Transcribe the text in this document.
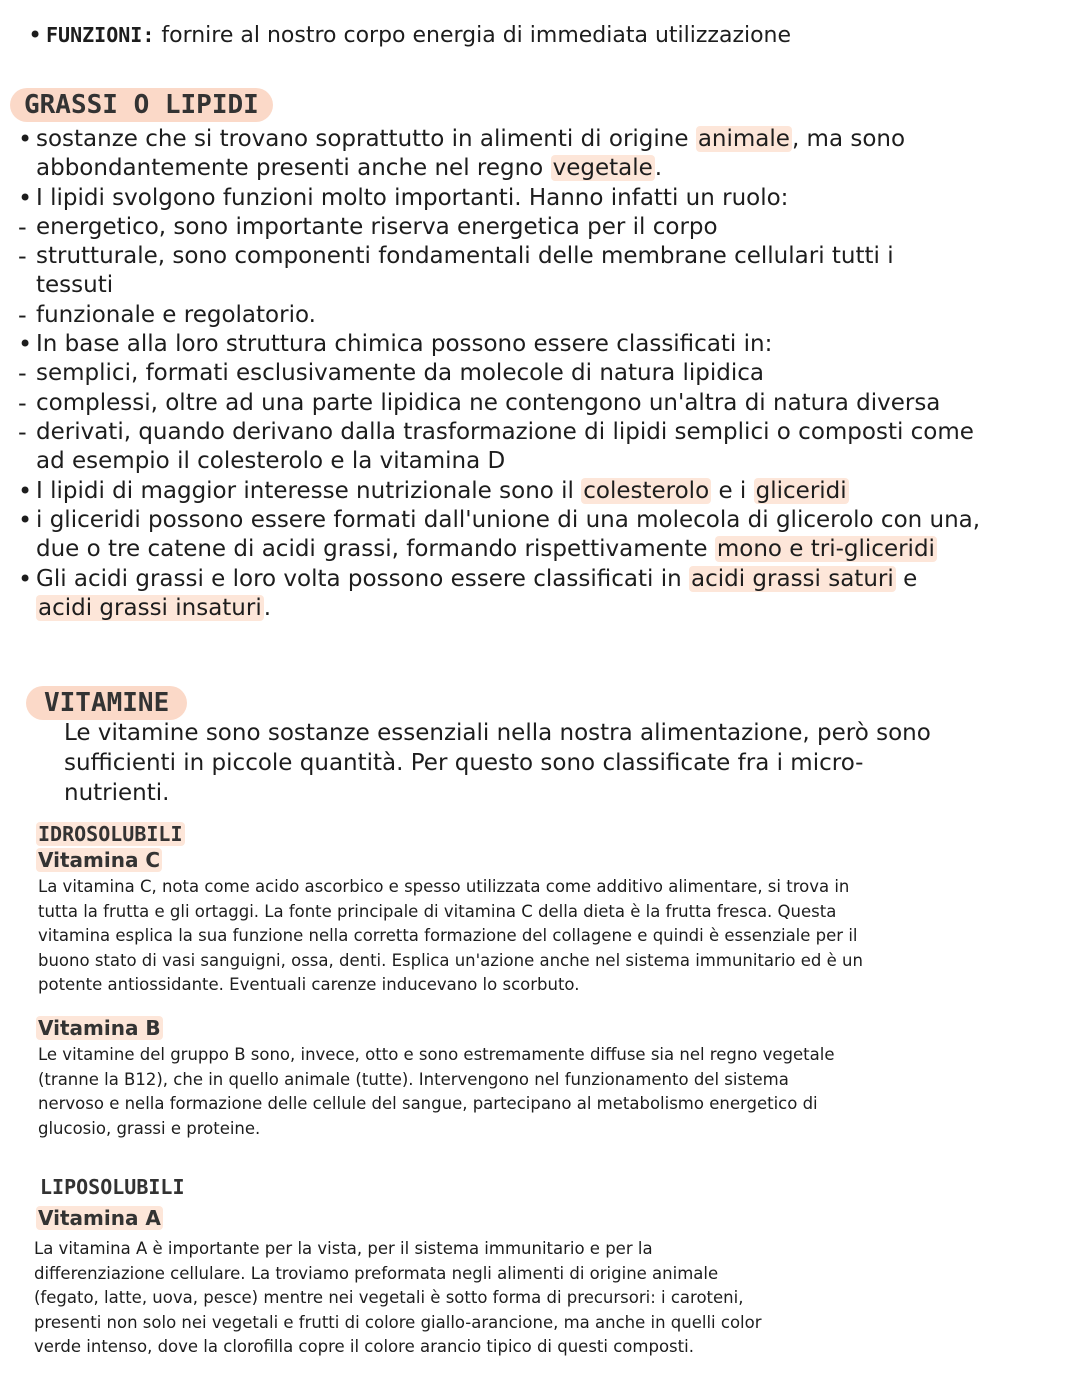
• FUNZIONI: fornire al nostro corpo energia di immediata utilizzazione
GRASSI O LIPIDI
• sostanze che si trovano soprattutto in alimenti di origine animale, ma sono
abbondantemente presenti anche nel regno vegetale.
• I lipidi svolgono funzioni molto importanti. Hanno infatti un ruolo:
- energetico, sono importante riserva energetica per il corpo
- strutturale, sono componenti fondamentali delle membrane cellulari tutti i
tessuti
- funzionale e regolatorio.
• In base alla loro struttura chimica possono essere classificati in:
- semplici, formati esclusivamente da molecole di natura lipidica
- complessi, oltre ad una parte lipidica ne contengono un'altra di natura diversa
- derivati, quando derivano dalla trasformazione di lipidi semplici o composti come
ad esempio il colesterolo e la vitamina D
• I lipidi di maggior interesse nutrizionale sono il colesterolo e i gliceridi
• i gliceridi possono essere formati dall'unione di una molecola di glicerolo con una,
due o tre catene di acidi grassi, formando rispettivamente mono e tri-gliceridi
• Gli acidi grassi e loro volta possono essere classificati in acidi grassi saturi e
acidi grassi insaturi.
VITAMINE
Le vitamine sono sostanze essenziali nella nostra alimentazione, però sono
sufficienti in piccole quantità. Per questo sono classificate fra i micro-
nutrienti.
IDROSOLUBILI
Vitamina C
La vitamina C, nota come acido ascorbico e spesso utilizzata come additivo alimentare, si trova in
tutta la frutta e gli ortaggi. La fonte principale di vitamina C della dieta è la frutta fresca. Questa
vitamina esplica la sua funzione nella corretta formazione del collagene e quindi è essenziale per il
buono stato di vasi sanguigni, ossa, denti. Esplica un'azione anche nel sistema immunitario ed è un
potente antiossidante. Eventuali carenze inducevano lo scorbuto.
Vitamina B
Le vitamine del gruppo B sono, invece, otto e sono estremamente diffuse sia nel regno vegetale
(tranne la B12), che in quello animale (tutte). Intervengono nel funzionamento del sistema
nervoso e nella formazione delle cellule del sangue, partecipano al metabolismo energetico di
glucosio, grassi e proteine.
LIPOSOLUBILI
Vitamina A
La vitamina A è importante per la vista, per il sistema immunitario e per la
differenziazione cellulare. La troviamo preformata negli alimenti di origine animale
(fegato, latte, uova, pesce) mentre nei vegetali è sotto forma di precursori: i caroteni,
presenti non solo nei vegetali e frutti di colore giallo-arancione, ma anche in quelli color
verde intenso, dove la clorofilla copre il colore arancio tipico di questi composti.
